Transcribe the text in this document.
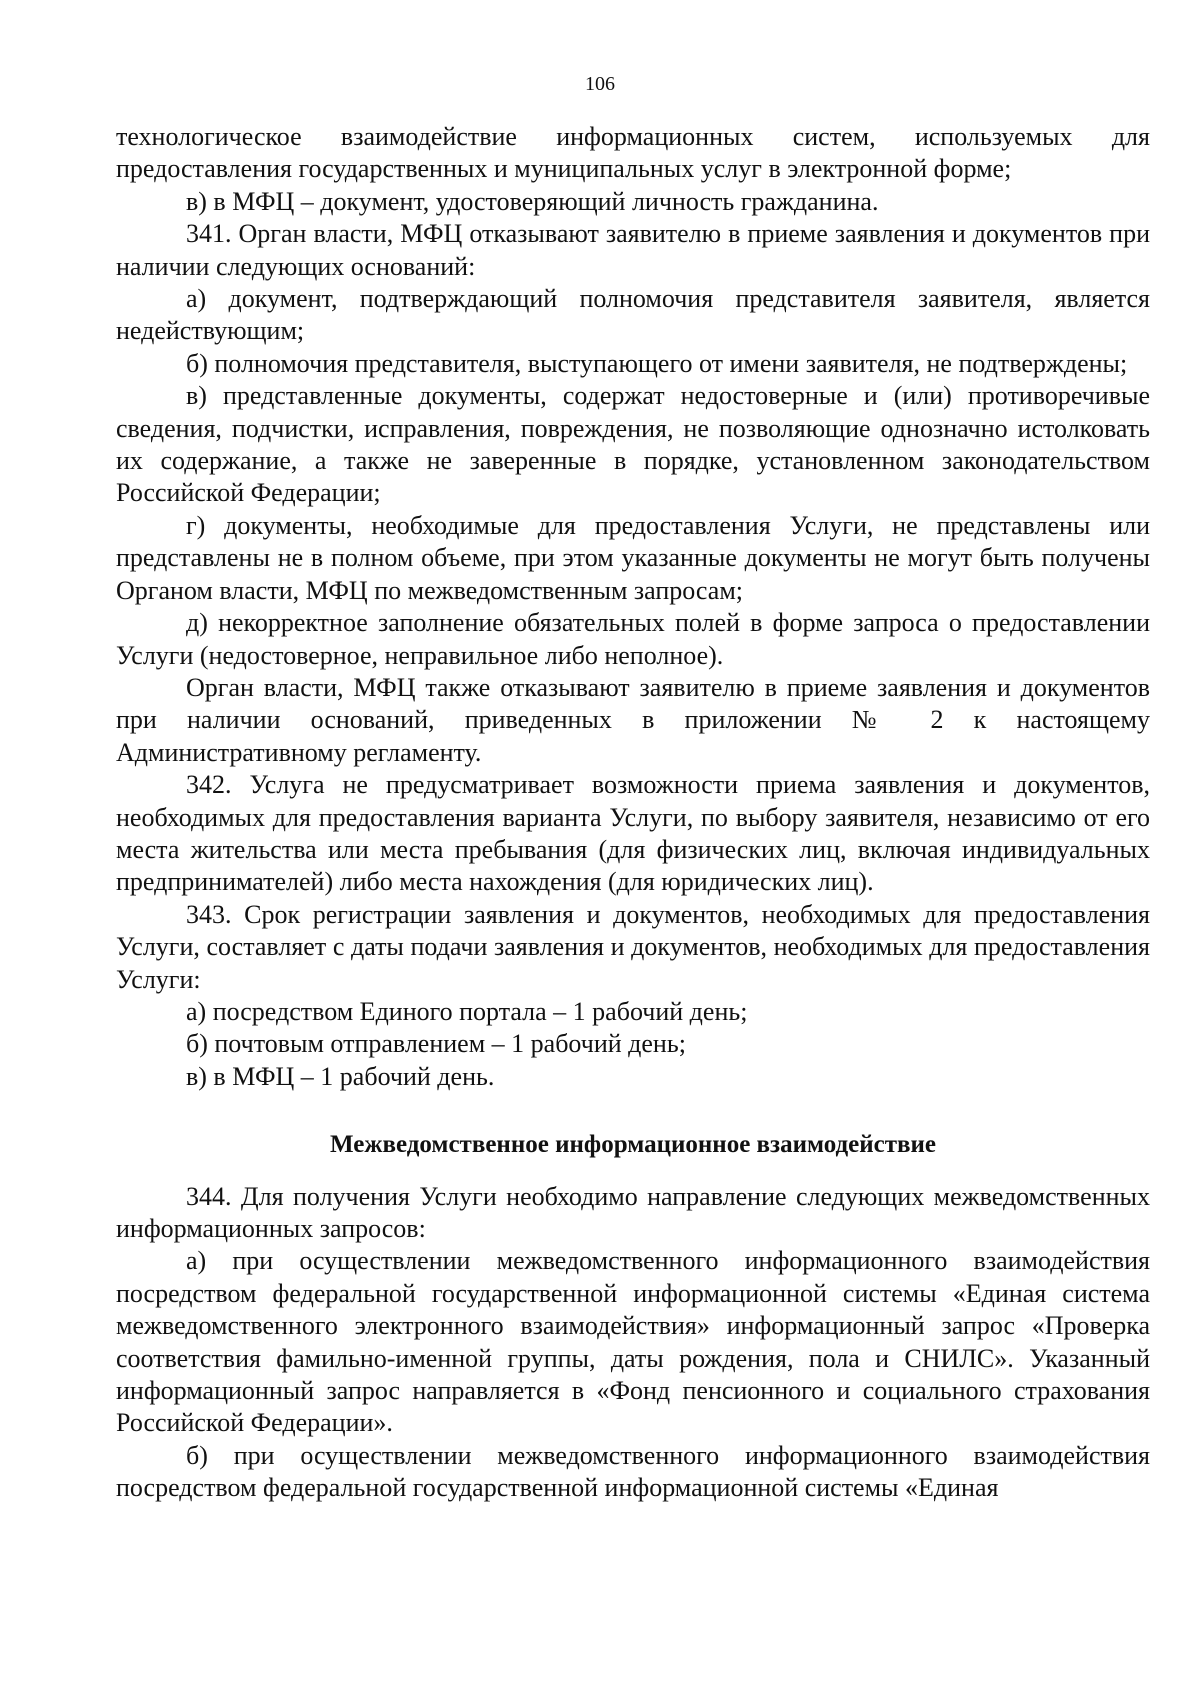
106

технологическое взаимодействие информационных систем, используемых для предоставления государственных и муниципальных услуг в электронной форме;

в) в МФЦ – документ, удостоверяющий личность гражданина.

341. Орган власти, МФЦ отказывают заявителю в приеме заявления и документов при наличии следующих оснований:

а) документ, подтверждающий полномочия представителя заявителя, является недействующим;

б) полномочия представителя, выступающего от имени заявителя, не подтверждены;

в) представленные документы, содержат недостоверные и (или) противоречивые сведения, подчистки, исправления, повреждения, не позволяющие однозначно истолковать их содержание, а также не заверенные в порядке, установленном законодательством Российской Федерации;

г) документы, необходимые для предоставления Услуги, не представлены или представлены не в полном объеме, при этом указанные документы не могут быть получены Органом власти, МФЦ по межведомственным запросам;

д) некорректное заполнение обязательных полей в форме запроса о предоставлении Услуги (недостоверное, неправильное либо неполное).

Орган власти, МФЦ также отказывают заявителю в приеме заявления и документов при наличии оснований, приведенных в приложении № 2 к настоящему Административному регламенту.

342. Услуга не предусматривает возможности приема заявления и документов, необходимых для предоставления варианта Услуги, по выбору заявителя, независимо от его места жительства или места пребывания (для физических лиц, включая индивидуальных предпринимателей) либо места нахождения (для юридических лиц).

343. Срок регистрации заявления и документов, необходимых для предоставления Услуги, составляет с даты подачи заявления и документов, необходимых для предоставления Услуги:

а) посредством Единого портала – 1 рабочий день;

б) почтовым отправлением – 1 рабочий день;

в) в МФЦ – 1 рабочий день.

Межведомственное информационное взаимодействие

344. Для получения Услуги необходимо направление следующих межведомственных информационных запросов:

а) при осуществлении межведомственного информационного взаимодействия посредством федеральной государственной информационной системы «Единая система межведомственного электронного взаимодействия» информационный запрос «Проверка соответствия фамильно-именной группы, даты рождения, пола и СНИЛС». Указанный информационный запрос направляется в «Фонд пенсионного и социального страхования Российской Федерации».

б) при осуществлении межведомственного информационного взаимодействия посредством федеральной государственной информационной системы «Единая
